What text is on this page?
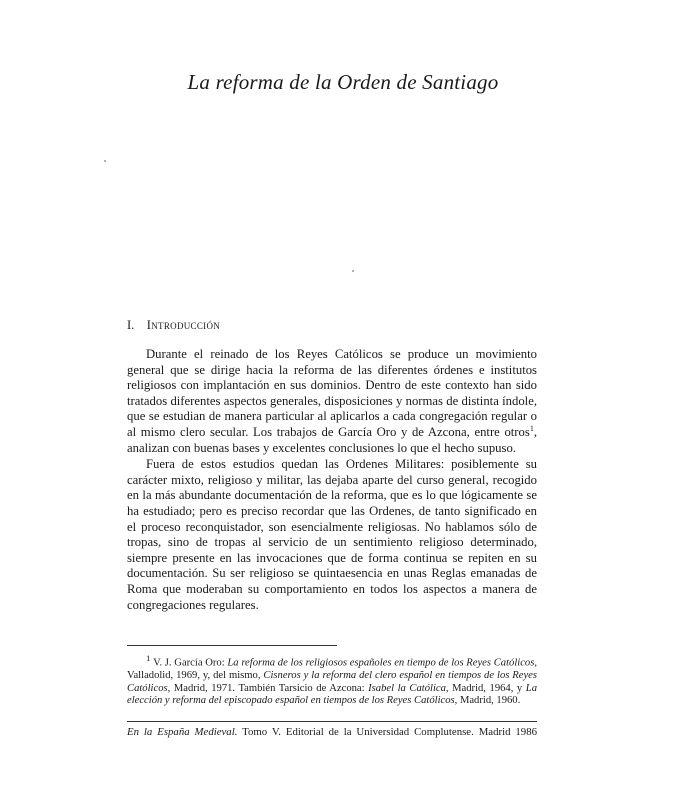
La reforma de la Orden de Santiago
I. Introducción

Durante el reinado de los Reyes Católicos se produce un movimiento general que se dirige hacia la reforma de las diferentes órdenes e institutos religiosos con implantación en sus dominios. Dentro de este contexto han sido tratados diferentes aspectos generales, disposiciones y normas de distinta índole, que se estudian de manera particular al aplicarlos a cada congregación regular o al mismo clero secular. Los trabajos de García Oro y de Azcona, entre otros$^1$, analizan con buenas bases y excelentes conclusiones lo que el hecho supuso.

Fuera de estos estudios quedan las Ordenes Militares: posiblemente su carácter mixto, religioso y militar, las dejaba aparte del curso general, recogido en la más abundante documentación de la reforma, que es lo que lógicamente se ha estudiado; pero es preciso recordar que las Ordenes, de tanto significado en el proceso reconquistador, son esencialmente religiosas. No hablamos sólo de tropas, sino de tropas al servicio de un sentimiento religioso determinado, siempre presente en las invocaciones que de forma continua se repiten en su documentación. Su ser religioso se quintaesencia en unas Reglas emanadas de Roma que moderaban su comportamiento en todos los aspectos a manera de congregaciones regulares.

$^1$ V. J. García Oro: La reforma de los religiosos españoles en tiempo de los Reyes Católicos, Valladolid, 1969, y, del mismo, Cisneros y la reforma del clero español en tiempos de los Reyes Católicos, Madrid, 1971. También Tarsicio de Azcona: Isabel la Católica, Madrid, 1964, y La elección y reforma del episcopado español en tiempos de los Reyes Católicos, Madrid, 1960.

En la España Medieval. Tomo V. Editorial de la Universidad Complutense. Madrid 1986
